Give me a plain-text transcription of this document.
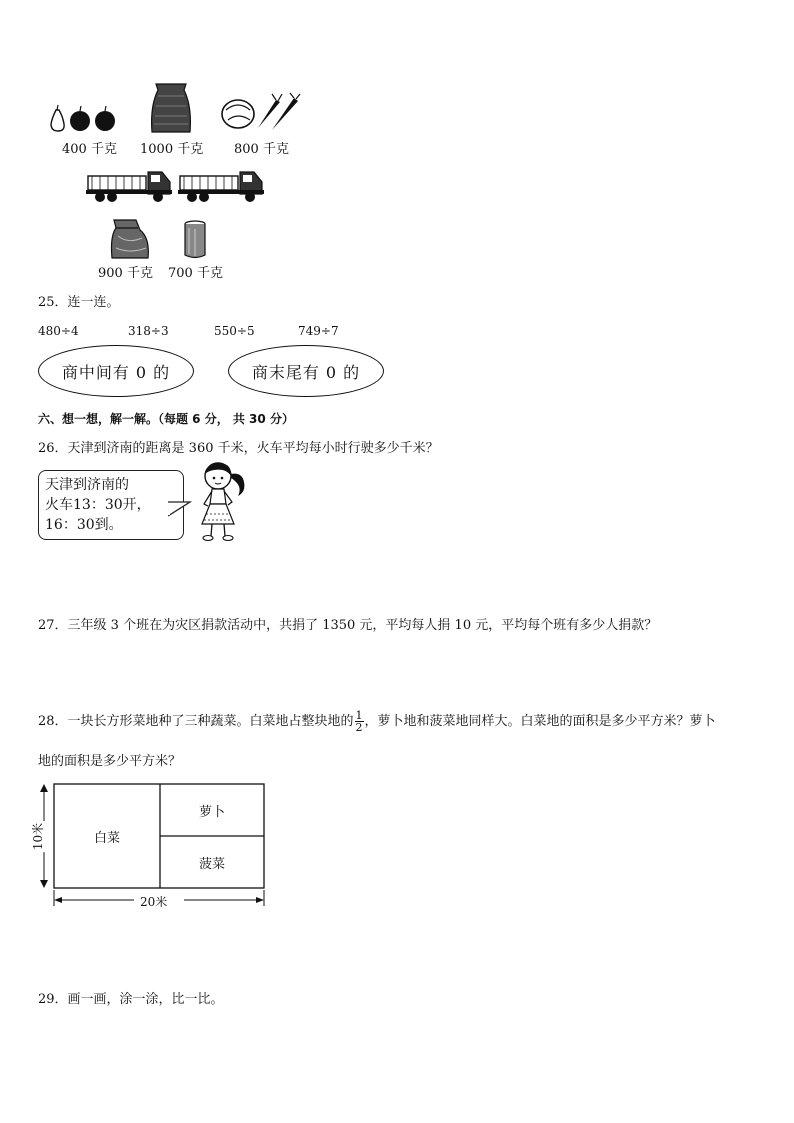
400 千克 1000 千克 800 千克
900 千克 700 千克
25．连一连。
480÷4	318÷3	550÷5	749÷7
商中间有 0 的	商末尾有 0 的
六、想一想，解一解。（每题 6 分， 共 30 分）
26．天津到济南的距离是 360 千米，火车平均每小时行驶多少千米？
天津到济南的
火车13：30开，
16：30到。
27．三年级 3 个班在为灾区捐款活动中，共捐了 1350 元，平均每人捐 10 元，平均每个班有多少人捐款？
28．一块长方形菜地种了三种蔬菜。白菜地占整块地的 $\frac{1}{2}$ ，萝卜地和菠菜地同样大。白菜地的面积是多少平方米？萝卜
地的面积是多少平方米？
白菜
萝卜
菠菜
10米
20米
29．画一画，涂一涂，比一比。
